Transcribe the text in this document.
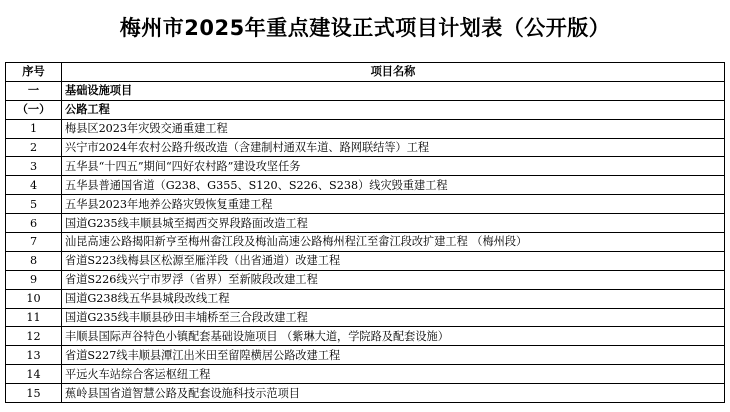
梅州市2025年重点建设正式项目计划表（公开版）
序号	项目名称
一	基础设施项目
（一）	公路工程
1	梅县区2023年灾毁交通重建工程
2	兴宁市2024年农村公路升级改造（含建制村通双车道、路网联结等）工程
3	五华县“十四五”期间“四好农村路”建设攻坚任务
4	五华县普通国省道（G238、G355、S120、S226、S238）线灾毁重建工程
5	五华县2023年地养公路灾毁恢复重建工程
6	国道G235线丰顺县城至揭西交界段路面改造工程
7	汕昆高速公路揭阳新亨至梅州畲江段及梅汕高速公路梅州程江至畲江段改扩建工程 （梅州段）
8	省道S223线梅县区松源至雁洋段（出省通道）改建工程
9	省道S226线兴宁市罗浮（省界）至新陂段改建工程
10	国道G238线五华县城段改线工程
11	国道G235线丰顺县砂田丰埔桥至三合段改建工程
12	丰顺县国际声谷特色小镇配套基础设施项目 （紫琳大道，学院路及配套设施）
13	省道S227线丰顺县潭江出米田至留隍横居公路改建工程
14	平远火车站综合客运枢纽工程
15	蕉岭县国省道智慧公路及配套设施科技示范项目
